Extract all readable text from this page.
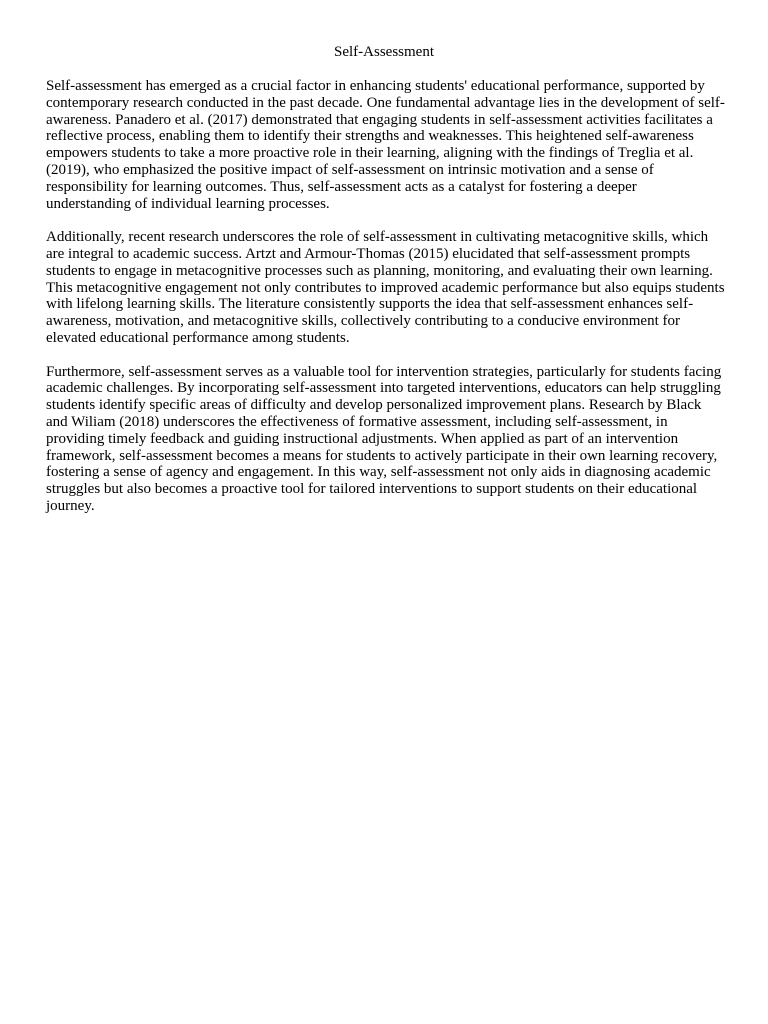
Self-Assessment

Self-assessment has emerged as a crucial factor in enhancing students' educational performance, supported by contemporary research conducted in the past decade. One fundamental advantage lies in the development of self-awareness. Panadero et al. (2017) demonstrated that engaging students in self-assessment activities facilitates a reflective process, enabling them to identify their strengths and weaknesses. This heightened self-awareness empowers students to take a more proactive role in their learning, aligning with the findings of Treglia et al. (2019), who emphasized the positive impact of self-assessment on intrinsic motivation and a sense of responsibility for learning outcomes. Thus, self-assessment acts as a catalyst for fostering a deeper understanding of individual learning processes.

Additionally, recent research underscores the role of self-assessment in cultivating metacognitive skills, which are integral to academic success. Artzt and Armour-Thomas (2015) elucidated that self-assessment prompts students to engage in metacognitive processes such as planning, monitoring, and evaluating their own learning. This metacognitive engagement not only contributes to improved academic performance but also equips students with lifelong learning skills. The literature consistently supports the idea that self-assessment enhances self-awareness, motivation, and metacognitive skills, collectively contributing to a conducive environment for elevated educational performance among students.

Furthermore, self-assessment serves as a valuable tool for intervention strategies, particularly for students facing academic challenges. By incorporating self-assessment into targeted interventions, educators can help struggling students identify specific areas of difficulty and develop personalized improvement plans. Research by Black and Wiliam (2018) underscores the effectiveness of formative assessment, including self-assessment, in providing timely feedback and guiding instructional adjustments. When applied as part of an intervention framework, self-assessment becomes a means for students to actively participate in their own learning recovery, fostering a sense of agency and engagement. In this way, self-assessment not only aids in diagnosing academic struggles but also becomes a proactive tool for tailored interventions to support students on their educational journey.
